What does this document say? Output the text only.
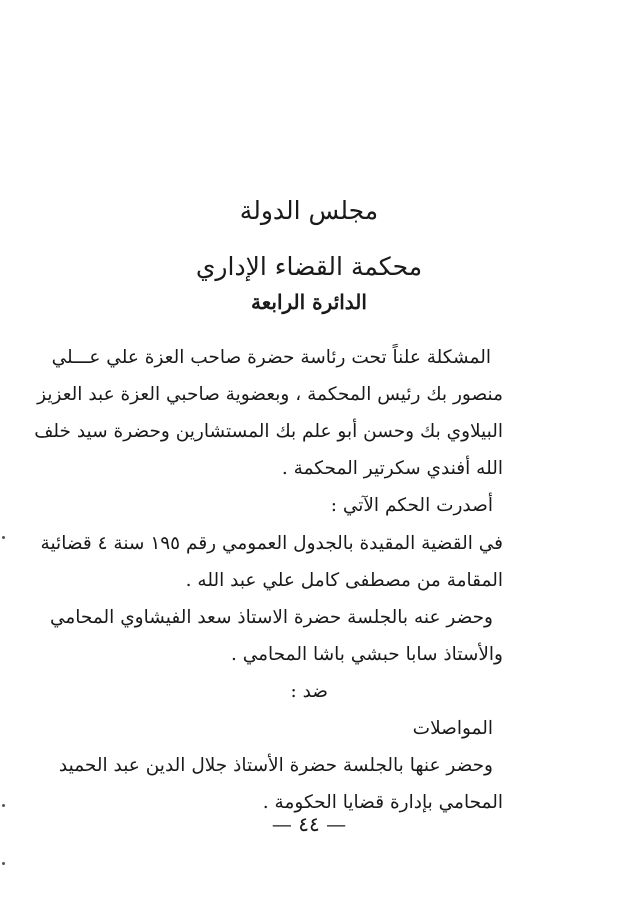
مجلس الدولة
محكمة القضاء الإداري
الدائرة الرابعة
المشكلة علناً تحت رئاسة حضرة صاحب العزة علي عـــلي
منصور بك رئيس المحكمة ، وبعضوية صاحبي العزة عبد العزيز
البيلاوي بك وحسن أبو علم بك المستشارين وحضرة سيد خلف
الله أفندي سكرتير المحكمة .
أصدرت الحكم الآتي :
في القضية المقيدة بالجدول العمومي رقم ١٩٥ سنة ٤ قضائية
المقامة من مصطفى كامل علي عبد الله .
وحضر عنه بالجلسة حضرة الاستاذ سعد الفيشاوي المحامي
والأستاذ سابا حبشي باشا المحامي .
ضد :
المواصلات
وحضر عنها بالجلسة حضرة الأستاذ جلال الدين عبد الحميد
المحامي بإدارة قضايا الحكومة .
— ٤٤ —
